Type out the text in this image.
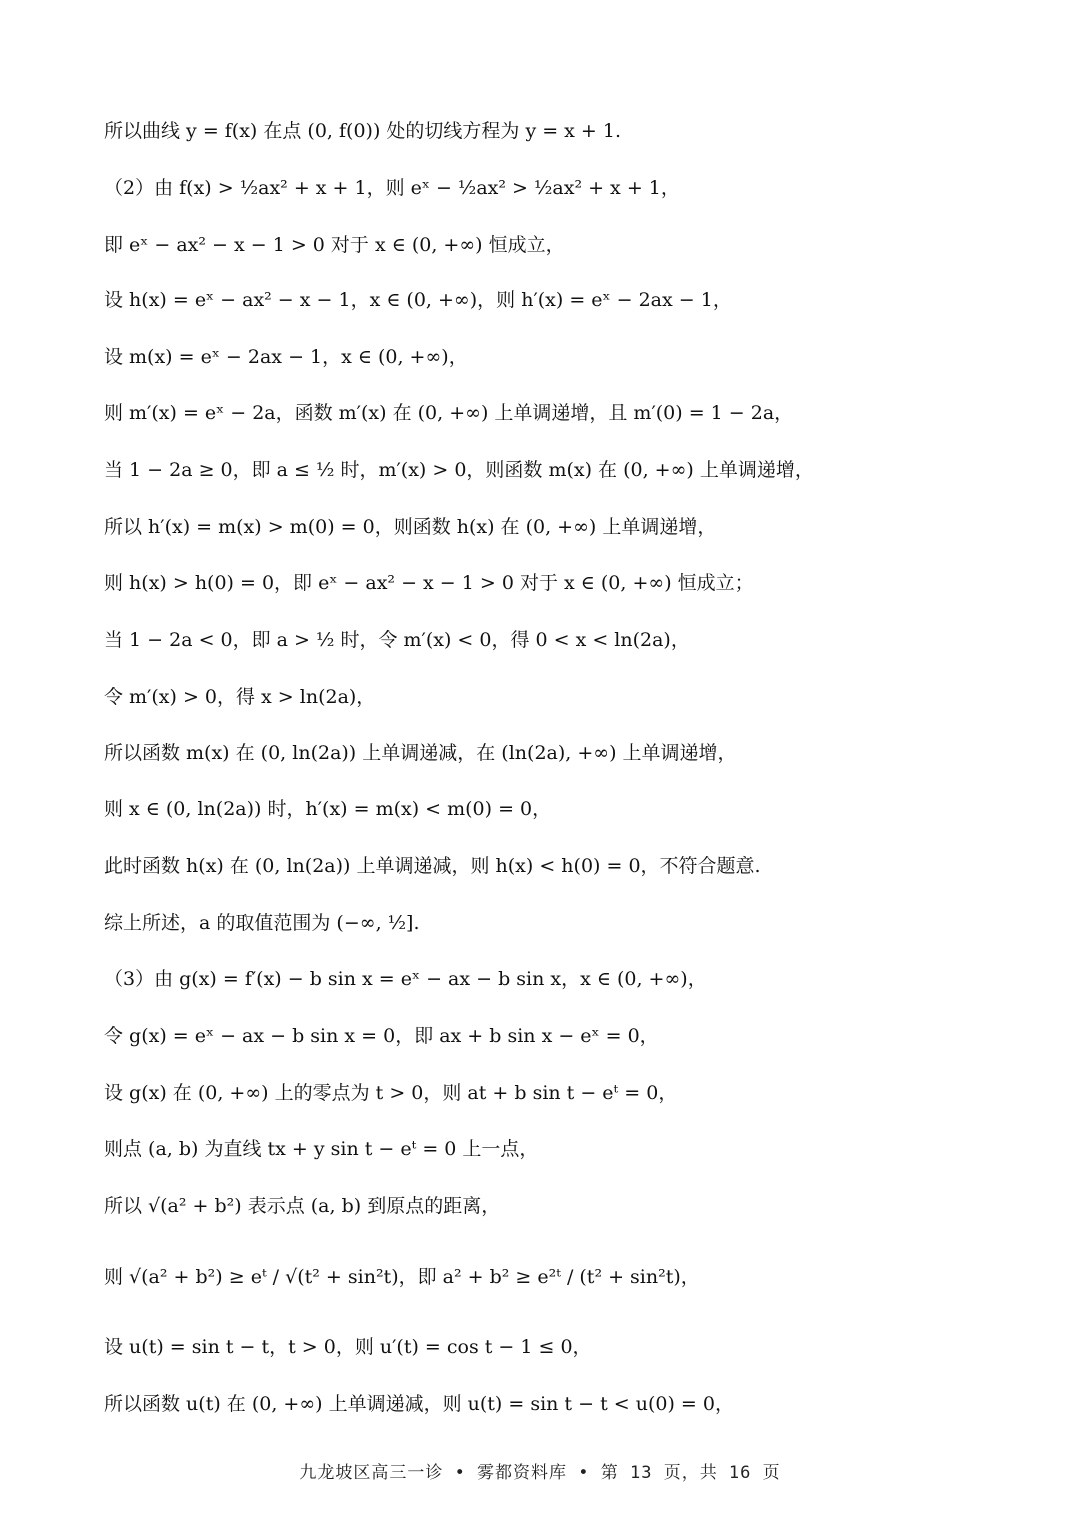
所以曲线 y = f(x) 在点 (0, f(0)) 处的切线方程为 y = x + 1.
（2）由 f(x) > ½ax² + x + 1，则 eˣ − ½ax² > ½ax² + x + 1，
即 eˣ − ax² − x − 1 > 0 对于 x ∈ (0, +∞) 恒成立，
设 h(x) = eˣ − ax² − x − 1，x ∈ (0, +∞)，则 h′(x) = eˣ − 2ax − 1，
设 m(x) = eˣ − 2ax − 1，x ∈ (0, +∞)，
则 m′(x) = eˣ − 2a，函数 m′(x) 在 (0, +∞) 上单调递增，且 m′(0) = 1 − 2a，
当 1 − 2a ≥ 0，即 a ≤ ½ 时，m′(x) > 0，则函数 m(x) 在 (0, +∞) 上单调递增，
所以 h′(x) = m(x) > m(0) = 0，则函数 h(x) 在 (0, +∞) 上单调递增，
则 h(x) > h(0) = 0，即 eˣ − ax² − x − 1 > 0 对于 x ∈ (0, +∞) 恒成立；
当 1 − 2a < 0，即 a > ½ 时，令 m′(x) < 0，得 0 < x < ln(2a)，
令 m′(x) > 0，得 x > ln(2a)，
所以函数 m(x) 在 (0, ln(2a)) 上单调递减，在 (ln(2a), +∞) 上单调递增，
则 x ∈ (0, ln(2a)) 时，h′(x) = m(x) < m(0) = 0，
此时函数 h(x) 在 (0, ln(2a)) 上单调递减，则 h(x) < h(0) = 0，不符合题意.
综上所述，a 的取值范围为 (−∞, ½].
（3）由 g(x) = f′(x) − b sin x = eˣ − ax − b sin x，x ∈ (0, +∞)，
令 g(x) = eˣ − ax − b sin x = 0，即 ax + b sin x − eˣ = 0，
设 g(x) 在 (0, +∞) 上的零点为 t > 0，则 at + b sin t − eᵗ = 0，
则点 (a, b) 为直线 tx + y sin t − eᵗ = 0 上一点，
所以 √(a² + b²) 表示点 (a, b) 到原点的距离，
则 √(a² + b²) ≥ eᵗ / √(t² + sin²t)，即 a² + b² ≥ e²ᵗ / (t² + sin²t)，
设 u(t) = sin t − t，t > 0，则 u′(t) = cos t − 1 ≤ 0，
所以函数 u(t) 在 (0, +∞) 上单调递减，则 u(t) = sin t − t < u(0) = 0，
九龙坡区高三一诊 • 雾都资料库 • 第 13 页，共 16 页
